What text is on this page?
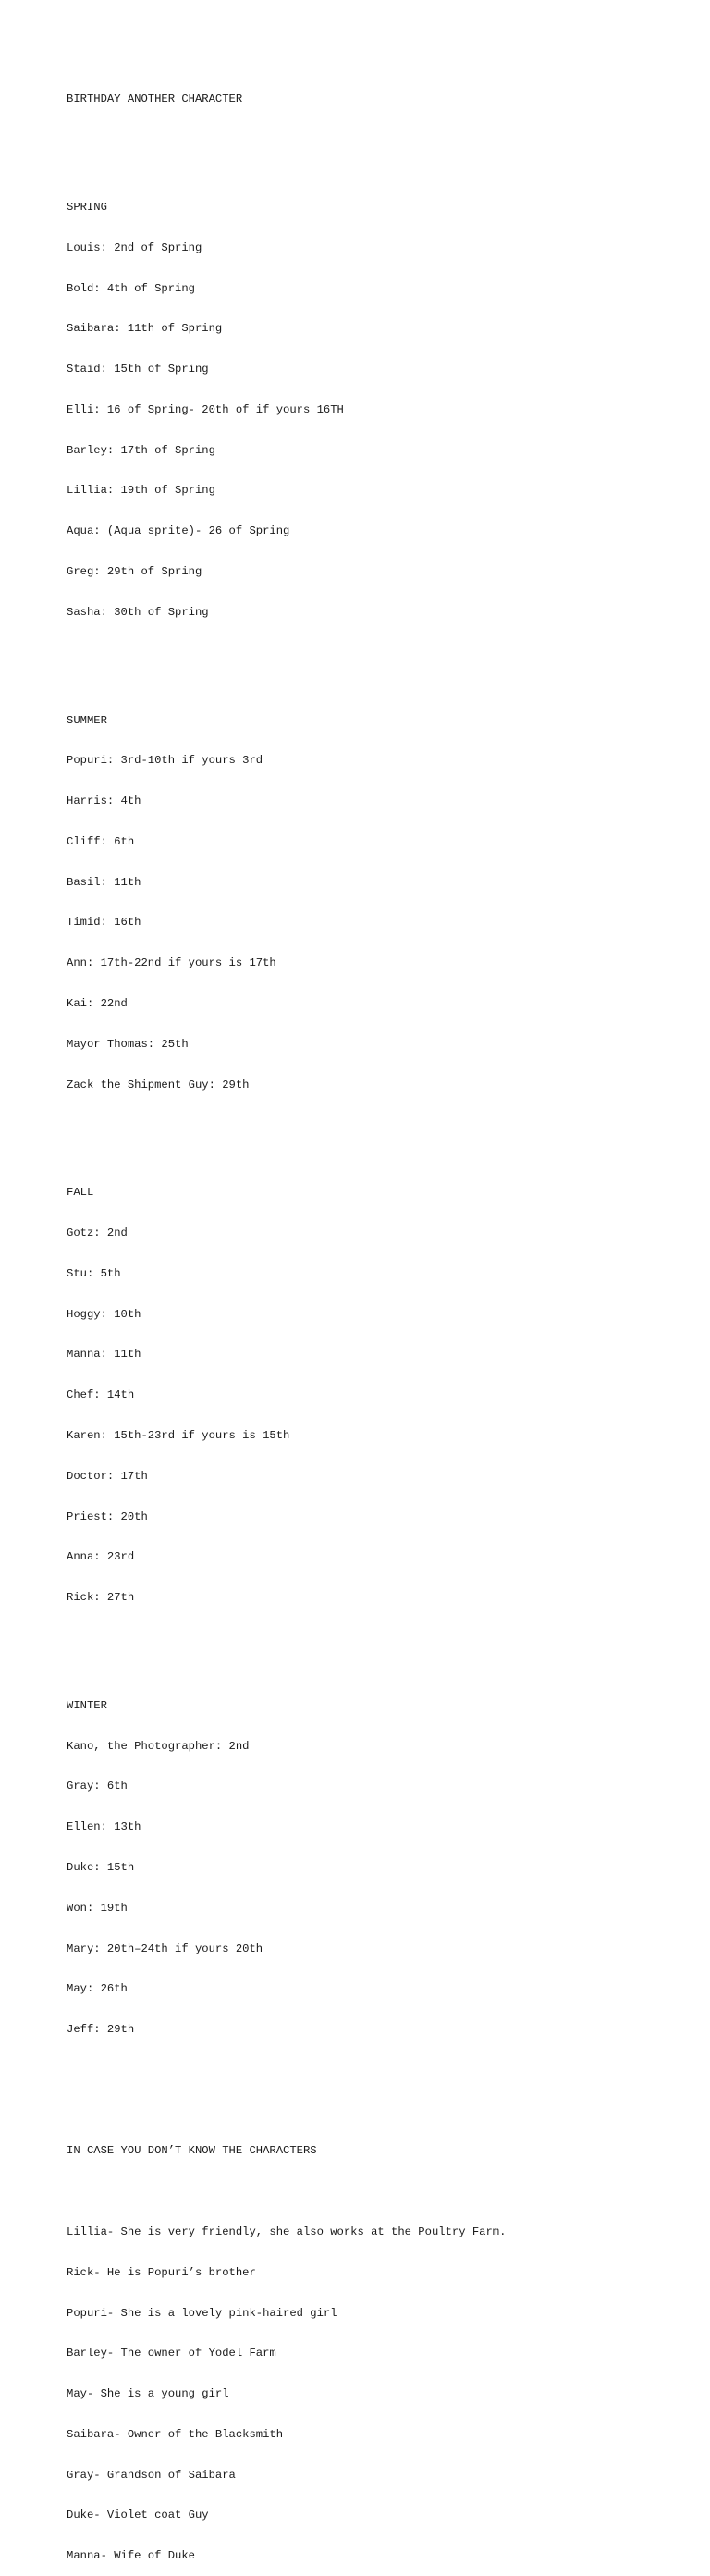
BIRTHDAY ANOTHER CHARACTER

SPRING

Louis: 2nd of Spring

Bold: 4th of Spring

Saibara: 11th of Spring

Staid: 15th of Spring

Elli: 16 of Spring- 20th of if yours 16TH

Barley: 17th of Spring

Lillia: 19th of Spring

Aqua: (Aqua sprite)- 26 of Spring

Greg: 29th of Spring

Sasha: 30th of Spring

SUMMER

Popuri: 3rd-10th if yours 3rd

Harris: 4th

Cliff: 6th

Basil: 11th

Timid: 16th

Ann: 17th-22nd if yours is 17th

Kai: 22nd

Mayor Thomas: 25th

Zack the Shipment Guy: 29th

FALL

Gotz: 2nd

Stu: 5th

Hoggy: 10th

Manna: 11th

Chef: 14th

Karen: 15th-23rd if yours is 15th

Doctor: 17th

Priest: 20th

Anna: 23rd

Rick: 27th

WINTER

Kano, the Photographer: 2nd

Gray: 6th

Ellen: 13th

Duke: 15th

Won: 19th

Mary: 20th–24th if yours 20th

May: 26th

Jeff: 29th

IN CASE YOU DON’T KNOW THE CHARACTERS

Lillia- She is very friendly, she also works at the Poultry Farm.

Rick- He is Popuri’s brother

Popuri- She is a lovely pink-haired girl

Barley- The owner of Yodel Farm

May- She is a young girl

Saibara- Owner of the Blacksmith

Gray- Grandson of Saibara

Duke- Violet coat Guy

Manna- Wife of Duke
